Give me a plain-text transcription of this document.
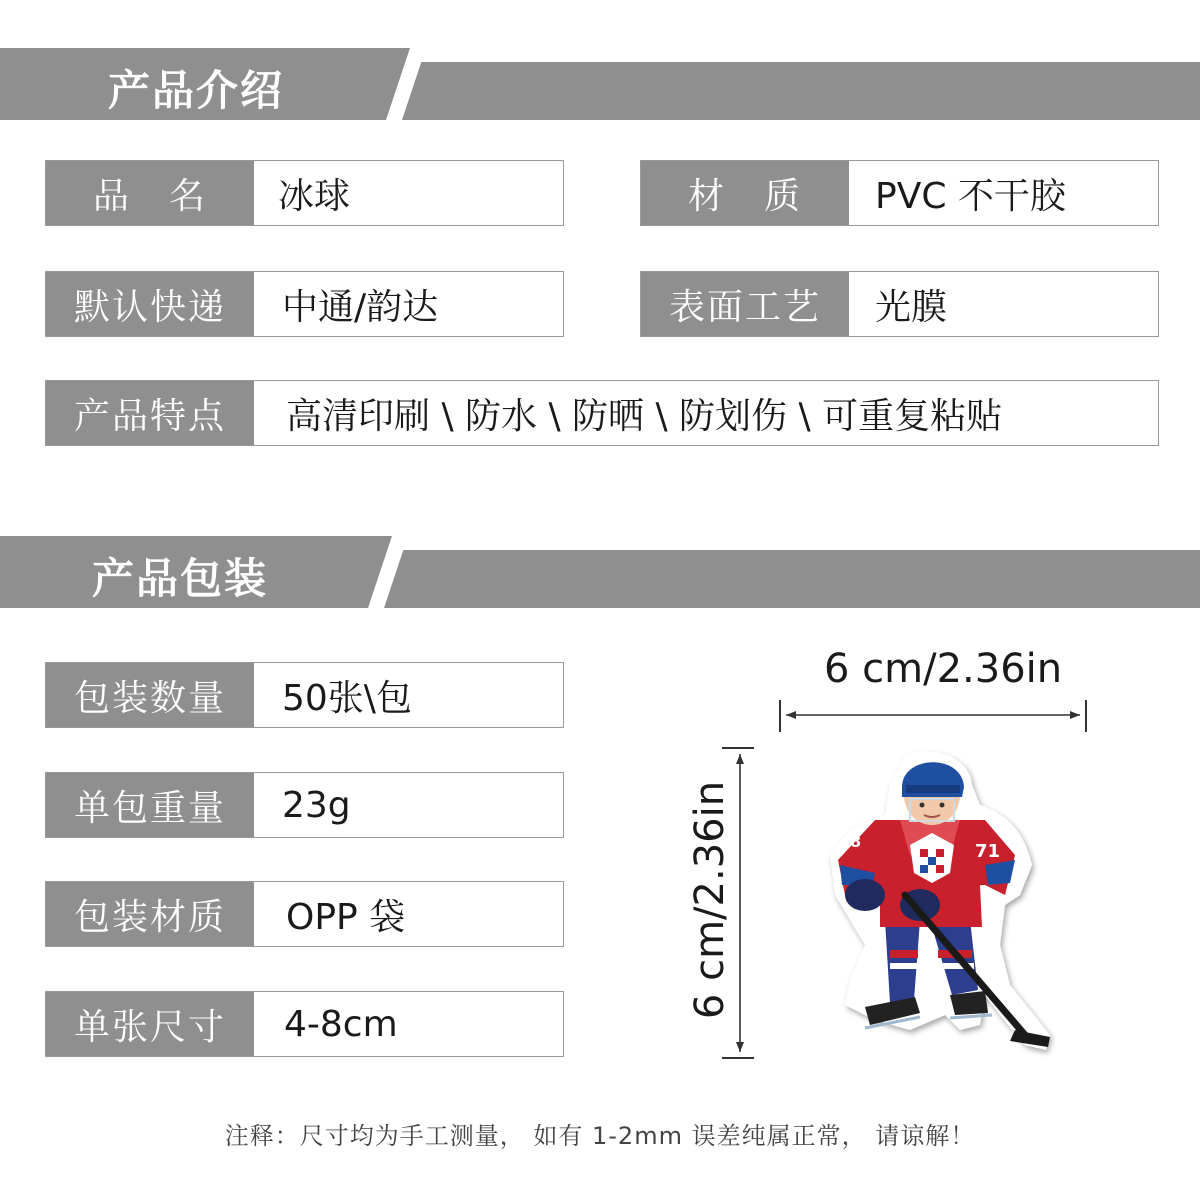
产品介绍
品　名	冰球	材　质	PVC 不干胶
默认快递	中通/韵达	表面工艺	光膜
产品特点	高清印刷 \ 防水 \ 防晒 \ 防划伤 \ 可重复粘贴
产品包装
包装数量	50张\包
单包重量	23g
包装材质	OPP 袋
单张尺寸	4-8cm
6 cm/2.36in
6 cm/2.36in	71
8
注释：尺寸均为手工测量， 如有 1-2mm 误差纯属正常， 请谅解！
